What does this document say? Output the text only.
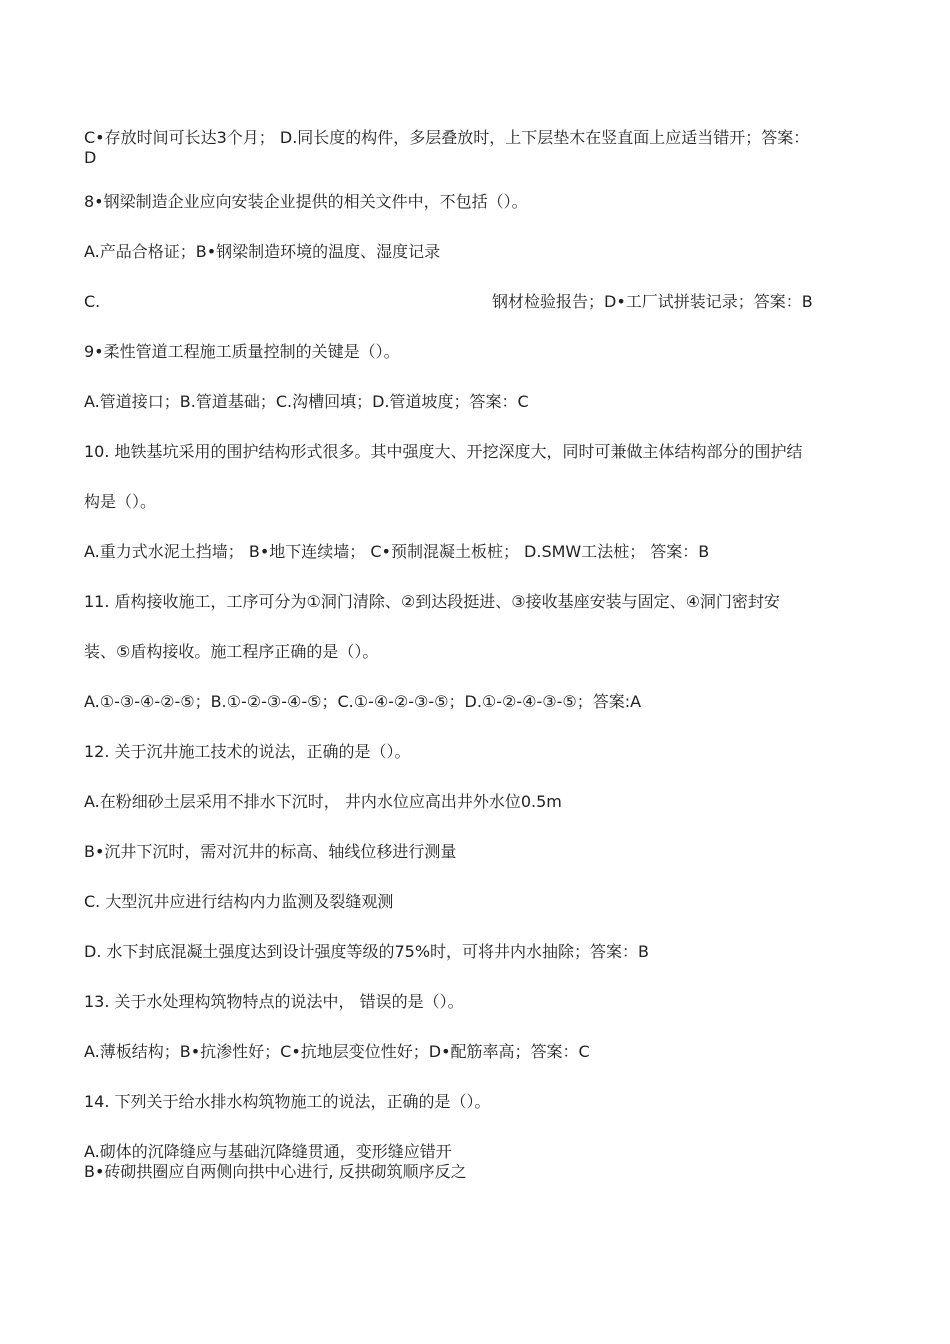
C•存放时间可长达3个月； D.同长度的构件，多层叠放时，上下层垫木在竖直面上应适当错开；答案：
D
8•钢梁制造企业应向安装企业提供的相关文件中，不包括（）。
A.产品合格证；B•钢梁制造环境的温度、湿度记录
C.	钢材检验报告；D•工厂试拼装记录；答案：B
9•柔性管道工程施工质量控制的关键是（）。
A.管道接口；B.管道基础；C.沟槽回填；D.管道坡度；答案：C
10. 地铁基坑采用的围护结构形式很多。其中强度大、开挖深度大，同时可兼做主体结构部分的围护结
构是（）。
A.重力式水泥土挡墙； B•地下连续墙； C•预制混凝土板桩； D.SMW工法桩； 答案：B
11. 盾构接收施工，工序可分为①洞门清除、②到达段挺进、③接收基座安装与固定、④洞门密封安
装、⑤盾构接收。施工程序正确的是（）。
A.①-③-④-②-⑤；B.①-②-③-④-⑤；C.①-④-②-③-⑤；D.①-②-④-③-⑤；答案:A
12. 关于沉井施工技术的说法，正确的是（）。
A.在粉细砂土层采用不排水下沉时， 井内水位应高出井外水位0.5m
B•沉井下沉时，需对沉井的标高、轴线位移进行测量
C. 大型沉井应进行结构内力监测及裂缝观测
D. 水下封底混凝土强度达到设计强度等级的75%时，可将井内水抽除；答案：B
13. 关于水处理构筑物特点的说法中， 错误的是（）。
A.薄板结构；B•抗渗性好；C•抗地层变位性好；D•配筋率高；答案：C
14. 下列关于给水排水构筑物施工的说法，正确的是（）。
A.砌体的沉降缝应与基础沉降缝贯通，变形缝应错开
B•砖砌拱圈应自两侧向拱中心进行, 反拱砌筑顺序反之
